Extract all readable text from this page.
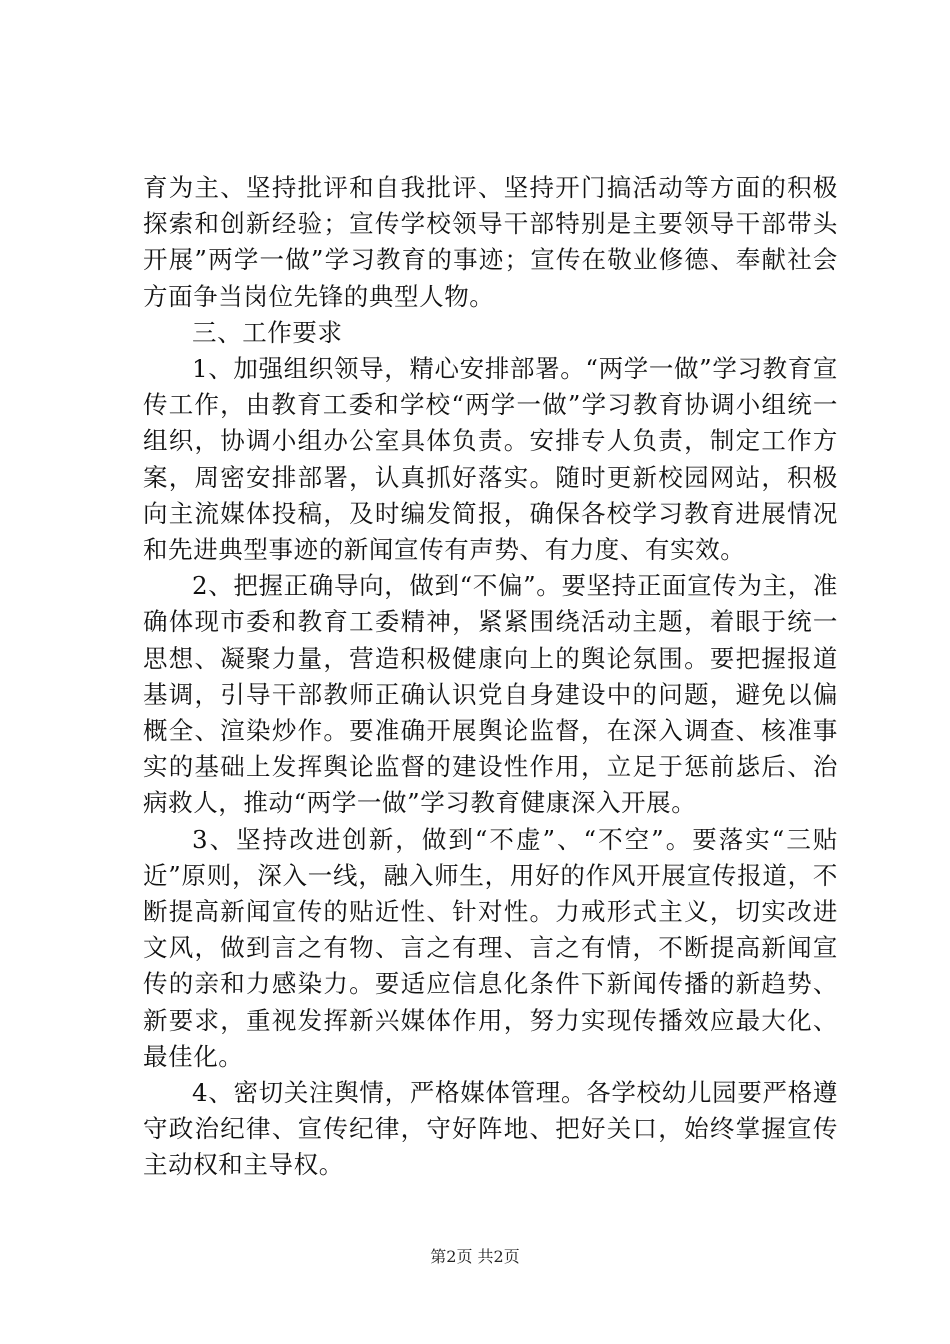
育为主、坚持批评和自我批评、坚持开门搞活动等方面的积极探索和创新经验；宣传学校领导干部特别是主要领导干部带头开展”两学一做”学习教育的事迹；宣传在敬业修德、奉献社会方面争当岗位先锋的典型人物。

三、工作要求

1、加强组织领导，精心安排部署。“两学一做”学习教育宣传工作，由教育工委和学校“两学一做”学习教育协调小组统一组织，协调小组办公室具体负责。安排专人负责，制定工作方案，周密安排部署，认真抓好落实。随时更新校园网站，积极向主流媒体投稿，及时编发简报，确保各校学习教育进展情况和先进典型事迹的新闻宣传有声势、有力度、有实效。

2、把握正确导向，做到“不偏”。要坚持正面宣传为主，准确体现市委和教育工委精神，紧紧围绕活动主题，着眼于统一思想、凝聚力量，营造积极健康向上的舆论氛围。要把握报道基调，引导干部教师正确认识党自身建设中的问题，避免以偏概全、渲染炒作。要准确开展舆论监督，在深入调查、核准事实的基础上发挥舆论监督的建设性作用，立足于惩前毖后、治病救人，推动“两学一做”学习教育健康深入开展。

3、坚持改进创新，做到“不虚”、“不空”。要落实“三贴近”原则，深入一线，融入师生，用好的作风开展宣传报道，不断提高新闻宣传的贴近性、针对性。力戒形式主义，切实改进文风，做到言之有物、言之有理、言之有情，不断提高新闻宣传的亲和力感染力。要适应信息化条件下新闻传播的新趋势、新要求，重视发挥新兴媒体作用，努力实现传播效应最大化、最佳化。

4、密切关注舆情，严格媒体管理。各学校幼儿园要严格遵守政治纪律、宣传纪律，守好阵地、把好关口，始终掌握宣传主动权和主导权。

第2页 共2页
